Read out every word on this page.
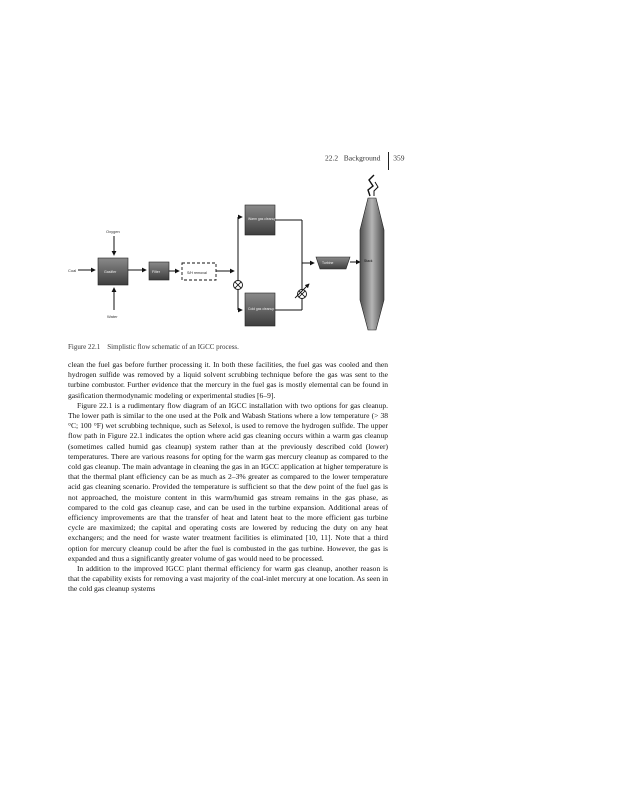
22.2 Background 359
Oxygen
Coal	Gasifier
Water
Filter	S/H removal
Warm gas cleanup
Cold gas cleanup
Turbine	Stack
Figure 22.1 Simplistic flow schematic of an IGCC process.

clean the fuel gas before further processing it. In both these facilities, the fuel gas was cooled and then hydrogen sulfide was removed by a liquid solvent scrubbing technique before the gas was sent to the turbine combustor. Further evidence that the mercury in the fuel gas is mostly elemental can be found in gasification thermodynamic modeling or experimental studies [6–9].

Figure 22.1 is a rudimentary flow diagram of an IGCC installation with two options for gas cleanup. The lower path is similar to the one used at the Polk and Wabash Stations where a low temperature (> 38 °C; 100 °F) wet scrubbing technique, such as Selexol, is used to remove the hydrogen sulfide. The upper flow path in Figure 22.1 indicates the option where acid gas cleaning occurs within a warm gas cleanup (sometimes called humid gas cleanup) system rather than at the previously described cold (lower) temperatures. There are various reasons for opting for the warm gas mercury cleanup as compared to the cold gas cleanup. The main advantage in cleaning the gas in an IGCC application at higher temperature is that the thermal plant efficiency can be as much as 2–3% greater as compared to the lower temperature acid gas cleaning scenario. Provided the temperature is sufficient so that the dew point of the fuel gas is not approached, the moisture content in this warm/humid gas stream remains in the gas phase, as compared to the cold gas cleanup case, and can be used in the turbine expansion. Additional areas of efficiency improvements are that the transfer of heat and latent heat to the more efficient gas turbine cycle are maximized; the capital and operating costs are lowered by reducing the duty on any heat exchangers; and the need for waste water treatment facilities is eliminated [10, 11]. Note that a third option for mercury cleanup could be after the fuel is combusted in the gas turbine. However, the gas is expanded and thus a significantly greater volume of gas would need to be processed.

In addition to the improved IGCC plant thermal efficiency for warm gas cleanup, another reason is that the capability exists for removing a vast majority of the coal-inlet mercury at one location. As seen in the cold gas cleanup systems
